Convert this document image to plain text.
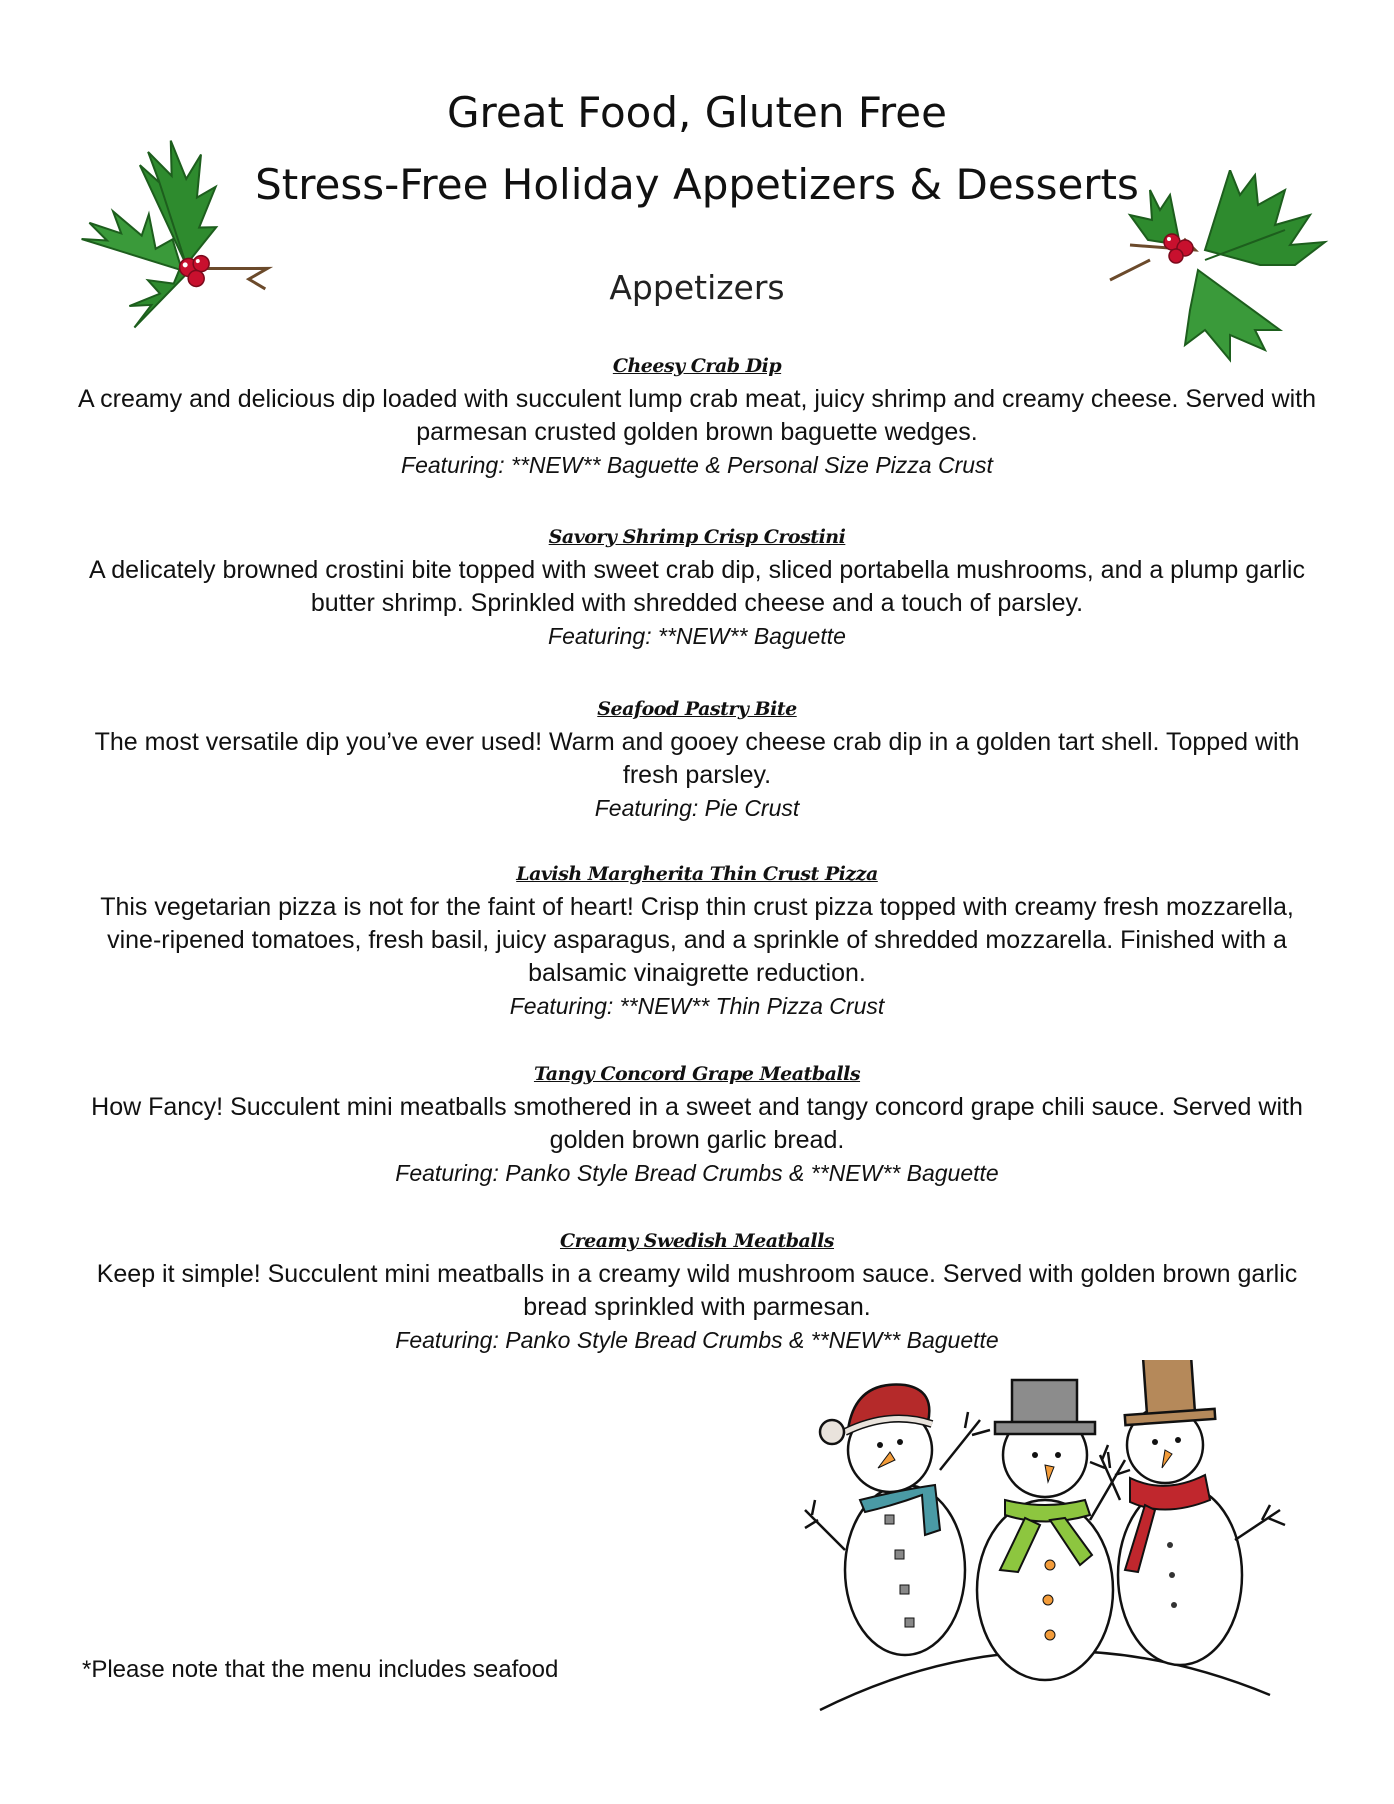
Great Food, Gluten Free
Stress-Free Holiday Appetizers & Desserts
Appetizers
Cheesy Crab Dip
A creamy and delicious dip loaded with succulent lump crab meat, juicy shrimp and creamy cheese. Served with parmesan crusted golden brown baguette wedges.
Featuring: **NEW** Baguette & Personal Size Pizza Crust
Savory Shrimp Crisp Crostini
A delicately browned crostini bite topped with sweet crab dip, sliced portabella mushrooms, and a plump garlic butter shrimp. Sprinkled with shredded cheese and a touch of parsley.
Featuring: **NEW** Baguette
Seafood Pastry Bite
The most versatile dip you’ve ever used! Warm and gooey cheese crab dip in a golden tart shell. Topped with fresh parsley.
Featuring: Pie Crust
Lavish Margherita Thin Crust Pizza
This vegetarian pizza is not for the faint of heart! Crisp thin crust pizza topped with creamy fresh mozzarella, vine-ripened tomatoes, fresh basil, juicy asparagus, and a sprinkle of shredded mozzarella. Finished with a balsamic vinaigrette reduction.
Featuring: **NEW** Thin Pizza Crust
Tangy Concord Grape Meatballs
How Fancy! Succulent mini meatballs smothered in a sweet and tangy concord grape chili sauce. Served with golden brown garlic bread.
Featuring: Panko Style Bread Crumbs & **NEW** Baguette
Creamy Swedish Meatballs
Keep it simple! Succulent mini meatballs in a creamy wild mushroom sauce. Served with golden brown garlic bread sprinkled with parmesan.
Featuring: Panko Style Bread Crumbs & **NEW** Baguette
*Please note that the menu includes seafood
